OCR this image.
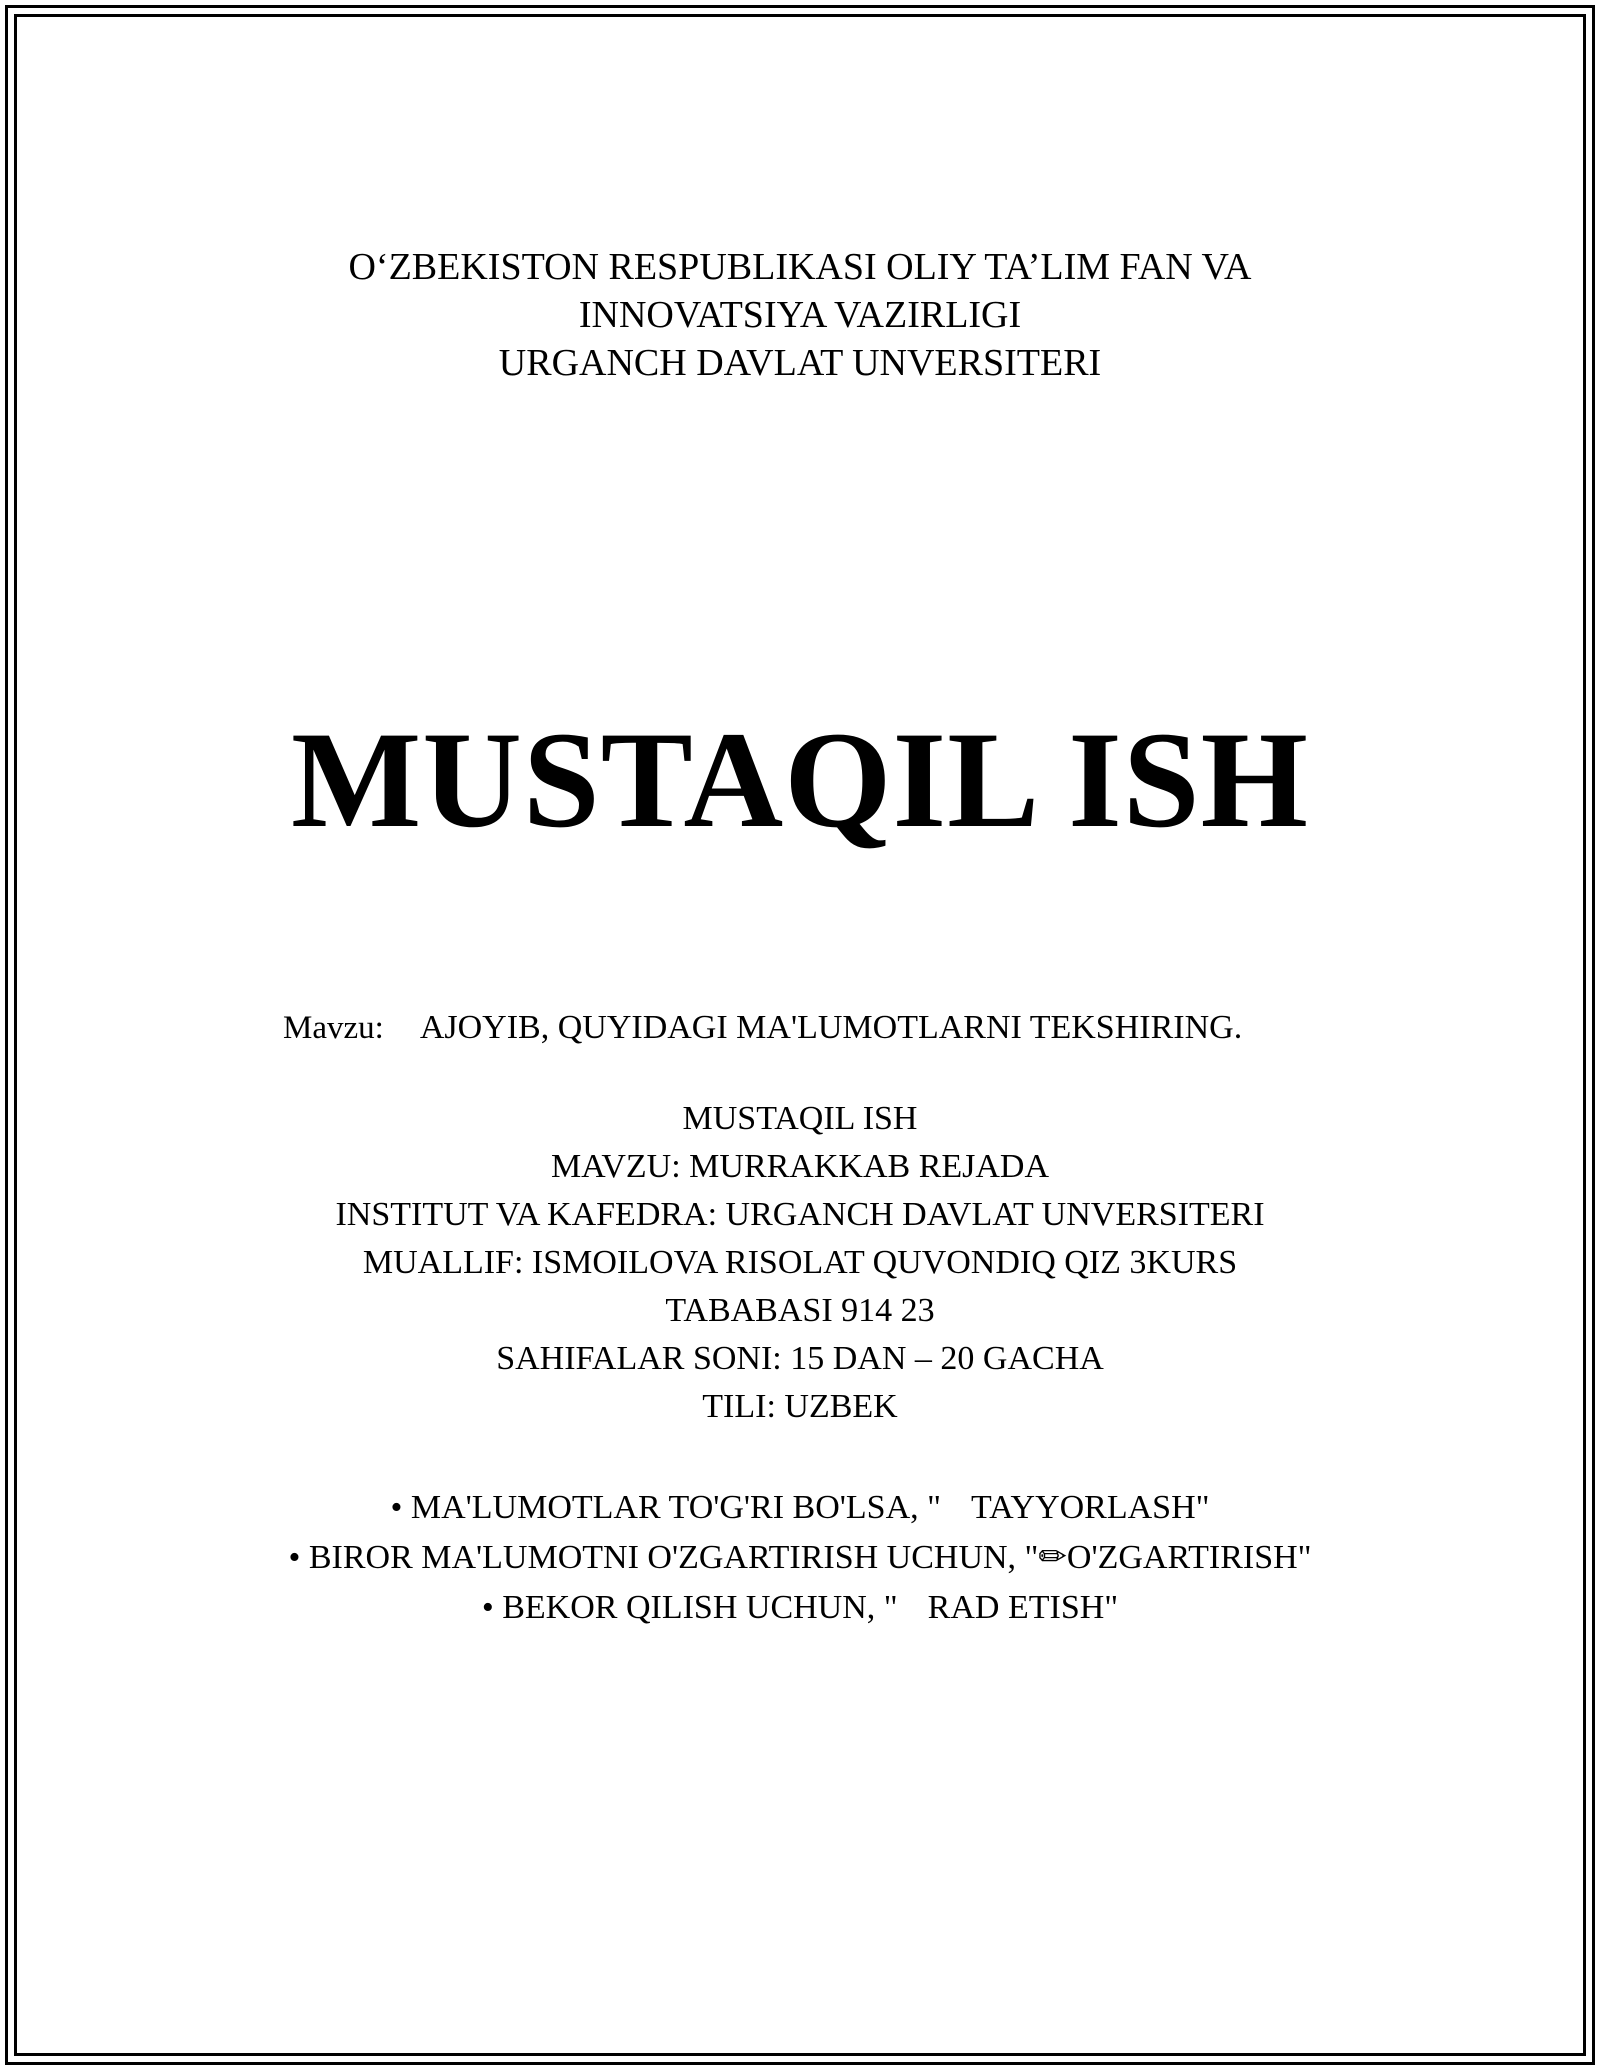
O‘ZBEKISTON RESPUBLIKASI OLIY TA’LIM FAN VA
INNOVATSIYA VAZIRLIGI
URGANCH DAVLAT UNVERSITERI
MUSTAQIL ISH
Mavzu: AJOYIB, QUYIDAGI MA'LUMOTLARNI TEKSHIRING.
MUSTAQIL ISH
MAVZU: MURRAKKAB REJADA
INSTITUT VA KAFEDRA: URGANCH DAVLAT UNVERSITERI
MUALLIF: ISMOILOVA RISOLAT QUVONDIQ QIZ 3KURS
TABABASI 914 23
SAHIFALAR SONI: 15 DAN – 20 GACHA
TILI: UZBEK
• MA'LUMOTLAR TO'G'RI BO'LSA, " TAYYORLASH"
• BIROR MA'LUMOTNI O'ZGARTIRISH UCHUN, "✏O'ZGARTIRISH"
• BEKOR QILISH UCHUN, " RAD ETISH"
